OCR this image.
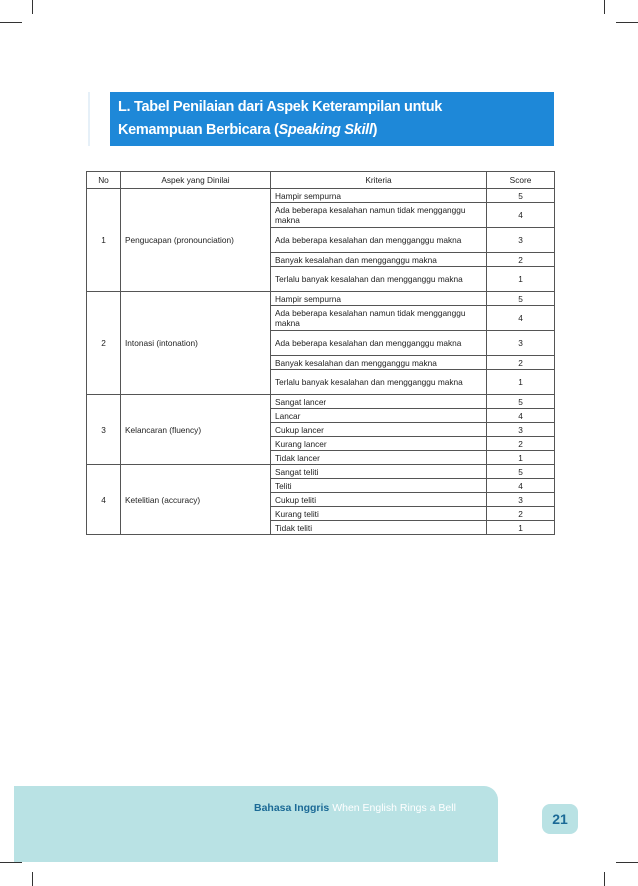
L. Tabel Penilaian dari Aspek Keterampilan untuk
Kemampuan Berbicara (Speaking Skill)
No	Aspek yang Dinilai	Kriteria	Score
1	Pengucapan (pronounciation)	Hampir sempurna	5
		Ada beberapa kesalahan namun tidak mengganggu makna	4
		Ada beberapa kesalahan dan mengganggu makna	3
		Banyak kesalahan dan mengganggu makna	2
		Terlalu banyak kesalahan dan mengganggu makna	1
2	Intonasi (intonation)	Hampir sempurna	5
		Ada beberapa kesalahan namun tidak mengganggu makna	4
		Ada beberapa kesalahan dan mengganggu makna	3
		Banyak kesalahan dan mengganggu makna	2
		Terlalu banyak kesalahan dan mengganggu makna	1
3	Kelancaran (fluency)	Sangat lancer	5
		Lancar	4
		Cukup lancer	3
		Kurang lancer	2
		Tidak lancer	1
4	Ketelitian (accuracy)	Sangat teliti	5
		Teliti	4
		Cukup teliti	3
		Kurang teliti	2
		Tidak teliti	1
Bahasa Inggris When English Rings a Bell
21
